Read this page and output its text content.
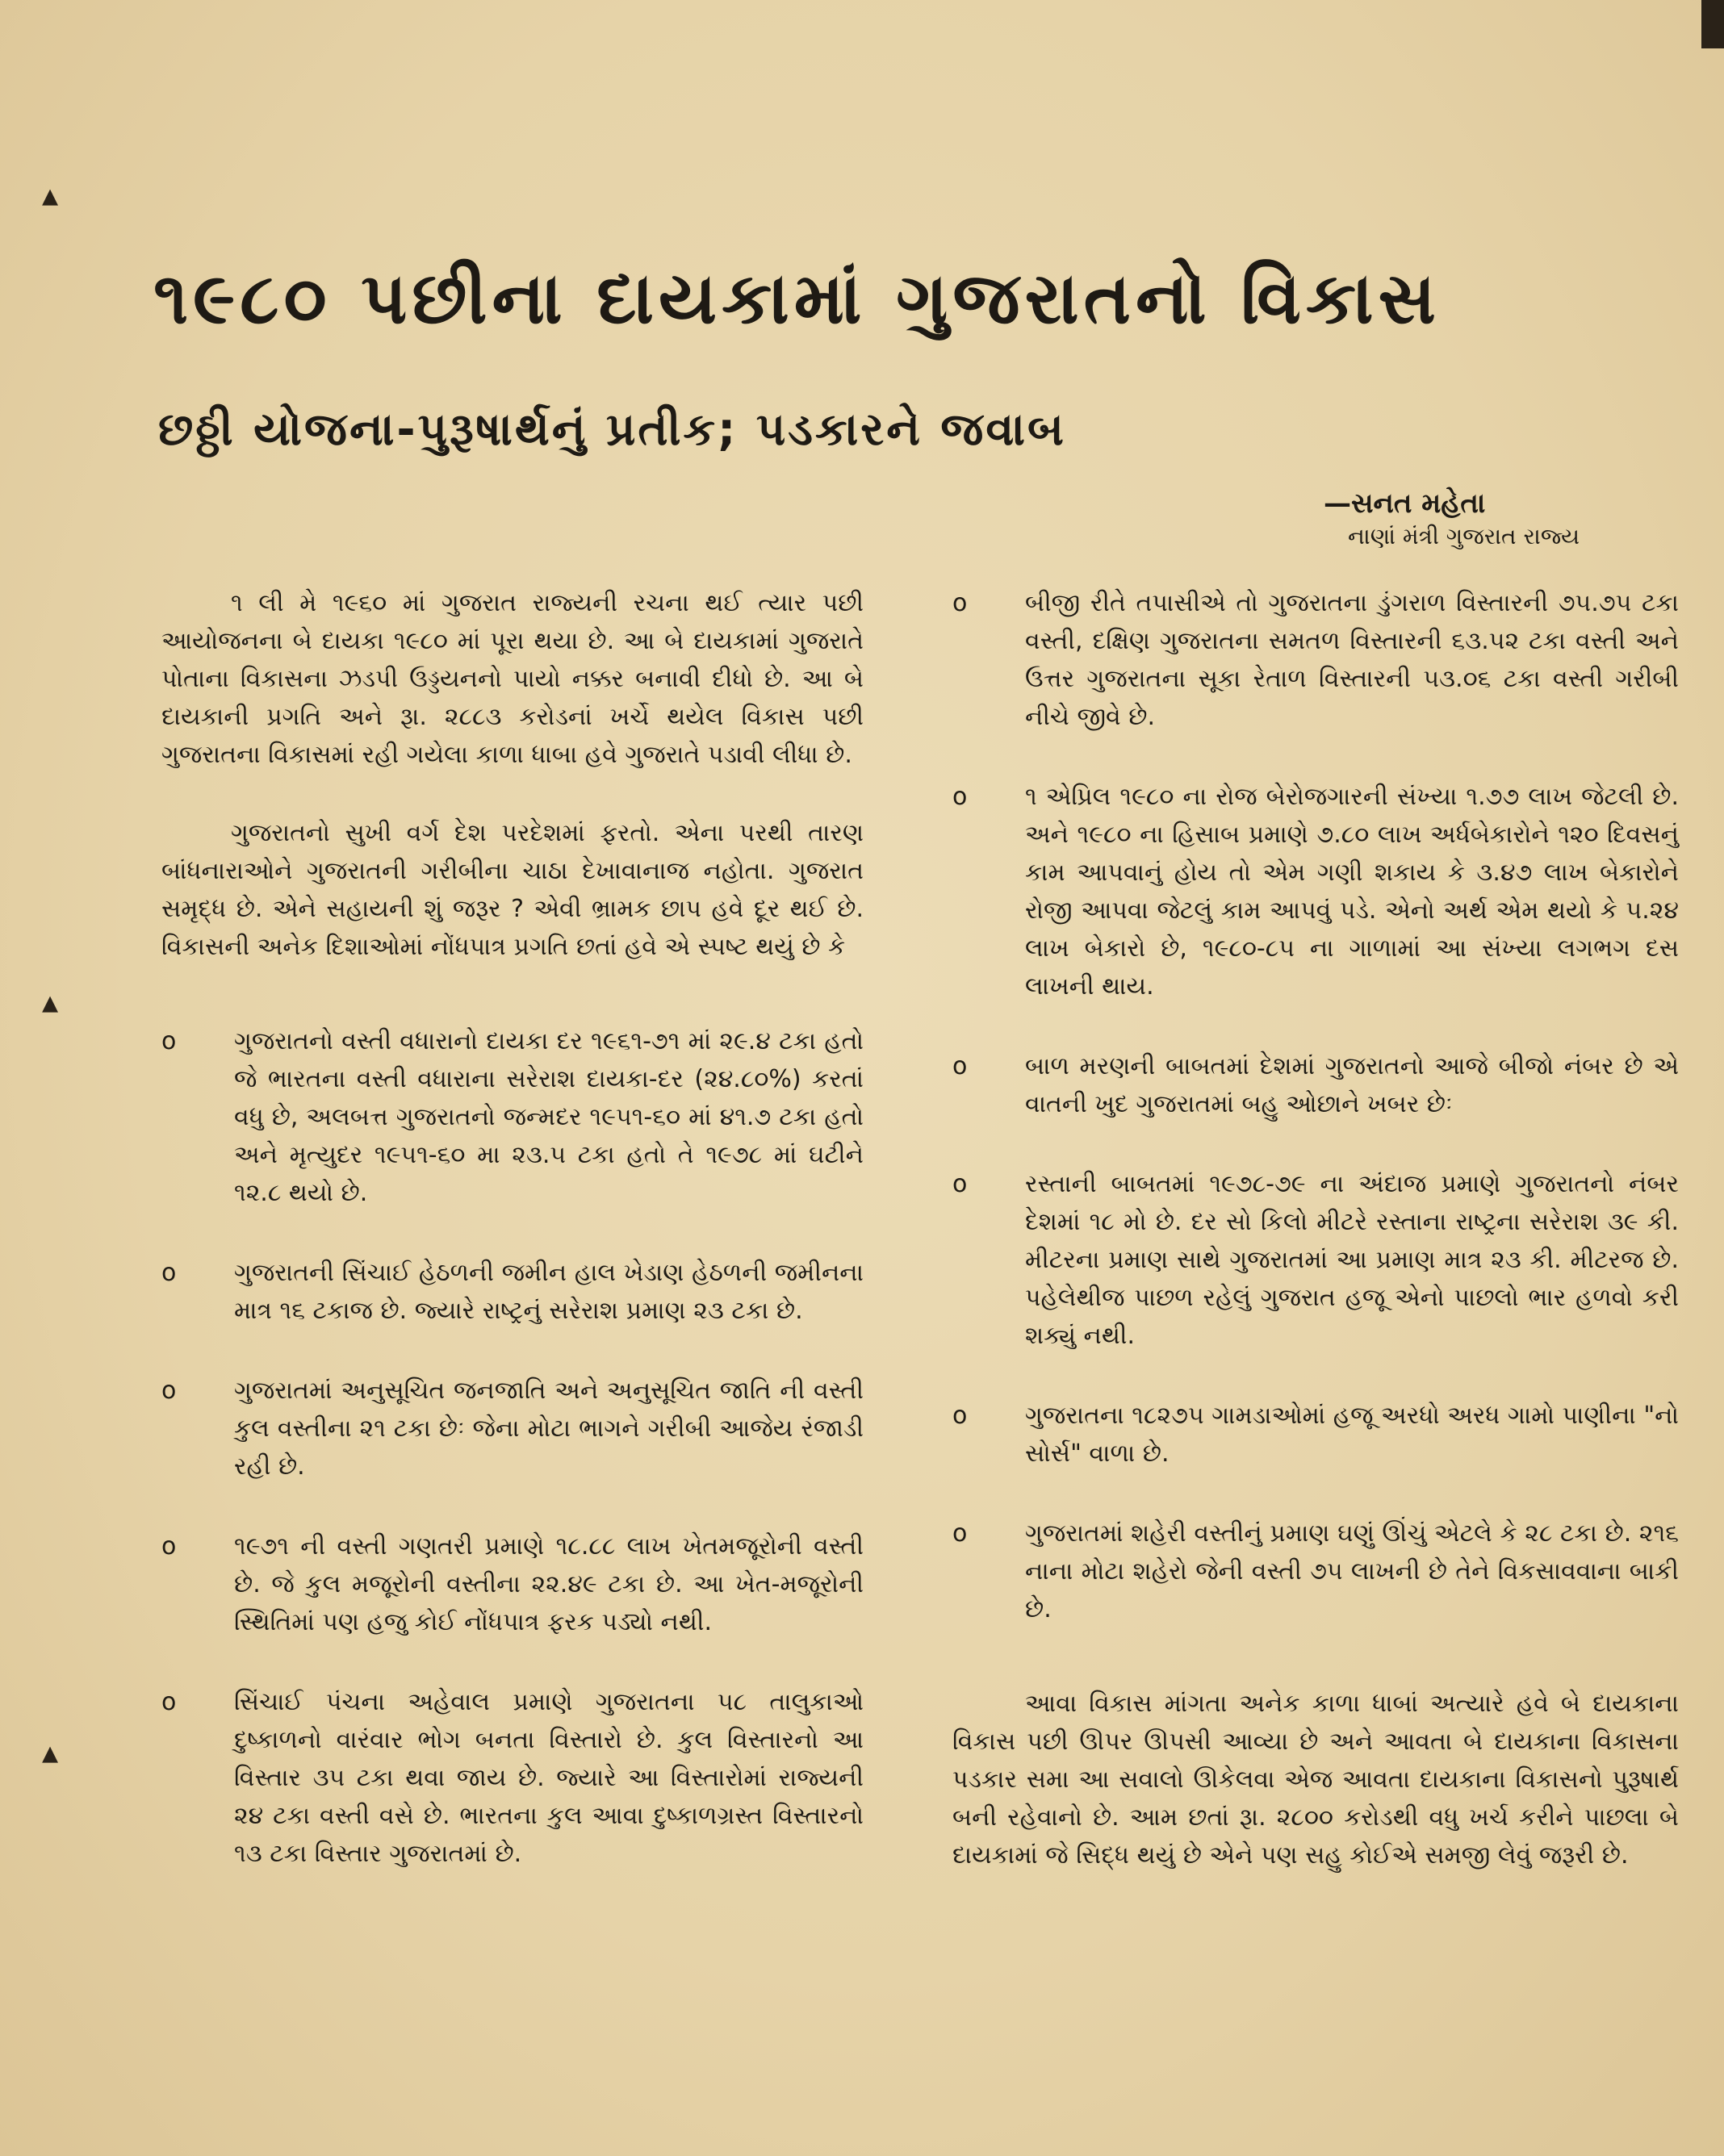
▴
▴
▴
૧૯૮૦ પછીના દાયકામાં ગુજરાતનો વિકાસ
છઠ્ઠી યોજના-પુરૂષાર્થનું પ્રતીક; પડકારને જવાબ
—સનત મહેતા
નાણાં મંત્રી ગુજરાત રાજ્ય

૧ લી મે ૧૯૬૦ માં ગુજરાત રાજ્યની રચના થઈ ત્યાર પછી આયોજનના બે દાયકા ૧૯૮૦ માં પૂરા થયા છે. આ બે દાયકામાં ગુજરાતે પોતાના વિકાસના ઝડપી ઉડ્ડયનનો પાયો નક્કર બનાવી દીધો છે. આ બે દાયકાની પ્રગતિ અને રૂા. ૨૮૮૩ કરોડનાં ખર્ચે થયેલ વિકાસ પછી ગુજરાતના વિકાસમાં રહી ગયેલા કાળા ધાબા હવે ગુજરાતે પડાવી લીધા છે.

ગુજરાતનો સુખી વર્ગ દેશ પરદેશમાં ફરતો. એના પરથી તારણ બાંધનારાઓને ગુજરાતની ગરીબીના ચાઠા દેખાવાનાજ નહોતા. ગુજરાત સમૃદ્ધ છે. એને સહાયની શું જરૂર ? એવી ભ્રામક છાપ હવે દૂર થઈ છે. વિકાસની અનેક દિશાઓમાં નોંધપાત્ર પ્રગતિ છતાં હવે એ સ્પષ્ટ થયું છે કે

o ગુજરાતનો વસ્તી વધારાનો દાયકા દર ૧૯૬૧-૭૧ માં ૨૯.૪ ટકા હતો જે ભારતના વસ્તી વધારાના સરેરાશ દાયકા-દર (૨૪.૮૦%) કરતાં વધુ છે, અલબત્ત ગુજરાતનો જન્મદર ૧૯૫૧-૬૦ માં ૪૧.૭ ટકા હતો અને મૃત્યુદર ૧૯૫૧-૬૦ મા ૨૩.૫ ટકા હતો તે ૧૯૭૮ માં ઘટીને ૧૨.૮ થયો છે.
o ગુજરાતની સિંચાઈ હેઠળની જમીન હાલ ખેડાણ હેઠળની જમીનના માત્ર ૧૬ ટકાજ છે. જ્યારે રાષ્ટ્રનું સરેરાશ પ્રમાણ ૨૩ ટકા છે.
o ગુજરાતમાં અનુસૂચિત જનજાતિ અને અનુસૂચિત જાતિ ની વસ્તી કુલ વસ્તીના ૨૧ ટકા છેઃ જેના મોટા ભાગને ગરીબી આજેય રંજાડી રહી છે.
o ૧૯૭૧ ની વસ્તી ગણતરી પ્રમાણે ૧૮.૮૮ લાખ ખેતમજૂરોની વસ્તી છે. જે કુલ મજૂરોની વસ્તીના ૨૨.૪૯ ટકા છે. આ ખેત-મજૂરોની સ્થિતિમાં પણ હજુ કોઈ નોંધપાત્ર ફરક પડ્યો નથી.
o સિંચાઈ પંચના અહેવાલ પ્રમાણે ગુજરાતના ૫૮ તાલુકાઓ દુષ્કાળનો વારંવાર ભોગ બનતા વિસ્તારો છે. કુલ વિસ્તારનો આ વિસ્તાર ૩૫ ટકા થવા જાય છે. જ્યારે આ વિસ્તારોમાં રાજ્યની ૨૪ ટકા વસ્તી વસે છે. ભારતના કુલ આવા દુષ્કાળગ્રસ્ત વિસ્તારનો ૧૩ ટકા વિસ્તાર ગુજરાતમાં છે.
o બીજી રીતે તપાસીએ તો ગુજરાતના ડુંગરાળ વિસ્તારની ૭૫.૭૫ ટકા વસ્તી, દક્ષિણ ગુજરાતના સમતળ વિસ્તારની ૬૩.૫૨ ટકા વસ્તી અને ઉત્તર ગુજરાતના સૂકા રેતાળ વિસ્તારની ૫૩.૦૬ ટકા વસ્તી ગરીબી નીચે જીવે છે.
o ૧ એપ્રિલ ૧૯૮૦ ના રોજ બેરોજગારની સંખ્યા ૧.૭૭ લાખ જેટલી છે. અને ૧૯૮૦ ના હિસાબ પ્રમાણે ૭.૮૦ લાખ અર્ધબેકારોને ૧૨૦ દિવસનું કામ આપવાનું હોય તો એમ ગણી શકાય કે ૩.૪૭ લાખ બેકારોને રોજી આપવા જેટલું કામ આપવું પડે. એનો અર્થ એમ થયો કે ૫.૨૪ લાખ બેકારો છે, ૧૯૮૦-૮૫ ના ગાળામાં આ સંખ્યા લગભગ દસ લાખની થાય.
o બાળ મરણની બાબતમાં દેશમાં ગુજરાતનો આજે બીજો નંબર છે એ વાતની ખુદ ગુજરાતમાં બહુ ઓછાને ખબર છેઃ
o રસ્તાની બાબતમાં ૧૯૭૮-૭૯ ના અંદાજ પ્રમાણે ગુજરાતનો નંબર દેશમાં ૧૮ મો છે. દર સો કિલો મીટરે રસ્તાના રાષ્ટ્રના સરેરાશ ૩૯ કી. મીટરના પ્રમાણ સાથે ગુજરાતમાં આ પ્રમાણ માત્ર ૨૩ કી. મીટરજ છે. પહેલેથીજ પાછળ રહેલું ગુજરાત હજૂ એનો પાછલો ભાર હળવો કરી શક્યું નથી.
o ગુજરાતના ૧૮૨૭૫ ગામડાઓમાં હજૂ અરધો અરધ ગામો પાણીના "નો સોર્સ" વાળા છે.
o ગુજરાતમાં શહેરી વસ્તીનું પ્રમાણ ઘણું ઊંચું એટલે કે ૨૮ ટકા છે. ૨૧૬ નાના મોટા શહેરો જેની વસ્તી ૭૫ લાખની છે તેને વિકસાવવાના બાકી છે.

આવા વિકાસ માંગતા અનેક કાળા ધાબાં અત્યારે હવે બે દાયકાના વિકાસ પછી ઊપર ઊપસી આવ્યા છે અને આવતા બે દાયકાના વિકાસના પડકાર સમા આ સવાલો ઊકેલવા એજ આવતા દાયકાના વિકાસનો પુરૂષાર્થ બની રહેવાનો છે. આમ છતાં રૂા. ૨૮૦૦ કરોડથી વધુ ખર્ચ કરીને પાછલા બે દાયકામાં જે સિદ્ધ થયું છે એને પણ સહુ કોઈએ સમજી લેવું જરૂરી છે.
